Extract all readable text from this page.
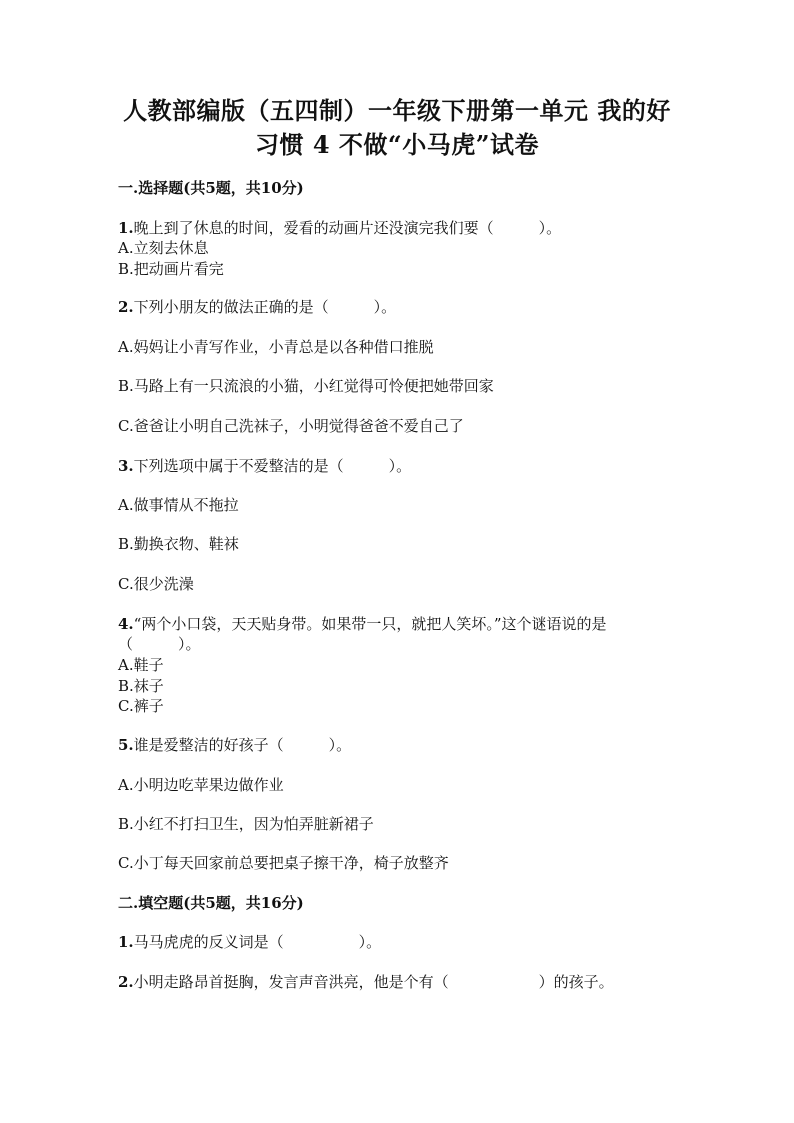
人教部编版（五四制）一年级下册第一单元 我的好
习惯 4 不做“小马虎”试卷
一.选择题(共5题，共10分)
1.晚上到了休息的时间，爱看的动画片还没演完我们要（　　　）。
A.立刻去休息
B.把动画片看完
2.下列小朋友的做法正确的是（　　　）。
A.妈妈让小青写作业，小青总是以各种借口推脱
B.马路上有一只流浪的小猫，小红觉得可怜便把她带回家
C.爸爸让小明自己洗袜子，小明觉得爸爸不爱自己了
3.下列选项中属于不爱整洁的是（　　　）。
A.做事情从不拖拉
B.勤换衣物、鞋袜
C.很少洗澡
4.“两个小口袋，天天贴身带。如果带一只，就把人笑坏。”这个谜语说的是
（　　　）。
A.鞋子
B.袜子
C.裤子
5.谁是爱整洁的好孩子（　　　）。
A.小明边吃苹果边做作业
B.小红不打扫卫生，因为怕弄脏新裙子
C.小丁每天回家前总要把桌子擦干净，椅子放整齐
二.填空题(共5题，共16分)
1.马马虎虎的反义词是（　　　　　）。
2.小明走路昂首挺胸，发言声音洪亮，他是个有（　　　　　　）的孩子。
